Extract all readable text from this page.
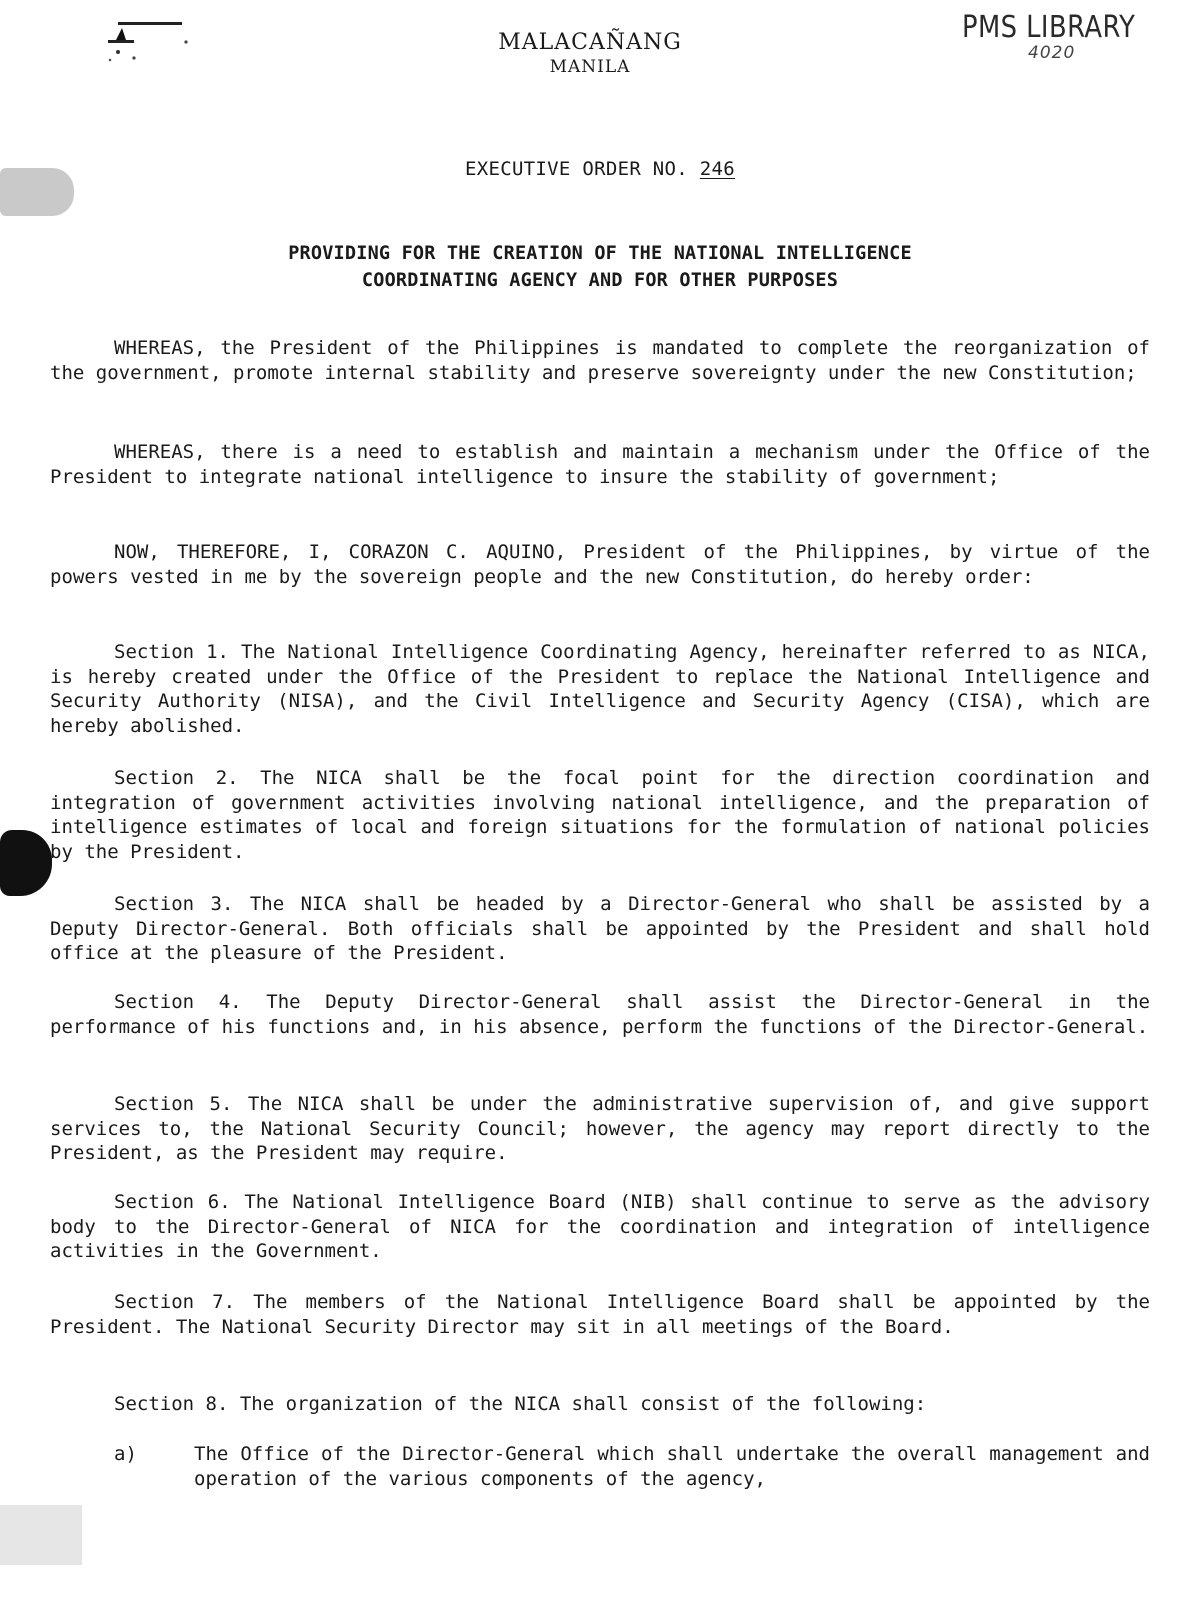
MALACAÑANG
MANILA
PMS LIBRARY
4020
EXECUTIVE ORDER NO. 246
PROVIDING FOR THE CREATION OF THE NATIONAL INTELLIGENCE
COORDINATING AGENCY AND FOR OTHER PURPOSES

WHEREAS, the President of the Philippines is mandated to complete the reorganization of the government, promote internal stability and preserve sovereignty under the new Constitution;

WHEREAS, there is a need to establish and maintain a mechanism under the Office of the President to integrate national intelligence to insure the stability of government;

NOW, THEREFORE, I, CORAZON C. AQUINO, President of the Philippines, by virtue of the powers vested in me by the sovereign people and the new Constitution, do hereby order:

Section 1. The National Intelligence Coordinating Agency, hereinafter referred to as NICA, is hereby created under the Office of the President to replace the National Intelligence and Security Authority (NISA), and the Civil Intelligence and Security Agency (CISA), which are hereby abolished.

Section 2. The NICA shall be the focal point for the direction coordination and integration of government activities involving national intelligence, and the preparation of intelligence estimates of local and foreign situations for the formulation of national policies by the President.

Section 3. The NICA shall be headed by a Director-General who shall be assisted by a Deputy Director-General. Both officials shall be appointed by the President and shall hold office at the pleasure of the President.

Section 4. The Deputy Director-General shall assist the Director-General in the performance of his functions and, in his absence, perform the functions of the Director-General.

Section 5. The NICA shall be under the administrative supervision of, and give support services to, the National Security Council; however, the agency may report directly to the President, as the President may require.

Section 6. The National Intelligence Board (NIB) shall continue to serve as the advisory body to the Director-General of NICA for the coordination and integration of intelligence activities in the Government.

Section 7. The members of the National Intelligence Board shall be appointed by the President. The National Security Director may sit in all meetings of the Board.

Section 8. The organization of the NICA shall consist of the following:

a)	The Office of the Director-General which shall undertake the overall management and operation of the various components of the agency,
